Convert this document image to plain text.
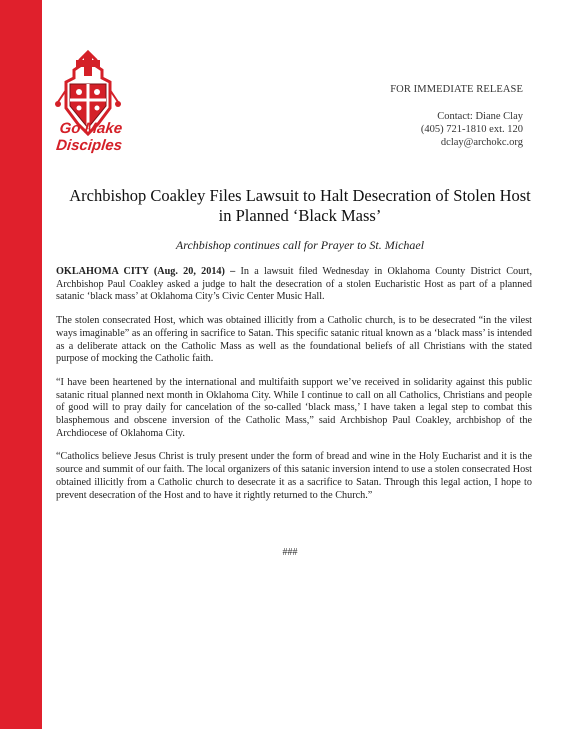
Go Make
Disciples
FOR IMMEDIATE RELEASE
Contact: Diane Clay
(405) 721-1810 ext. 120
dclay@archokc.org
Archbishop Coakley Files Lawsuit to Halt Desecration of Stolen Host
in Planned ‘Black Mass’
Archbishop continues call for Prayer to St. Michael

OKLAHOMA CITY (Aug. 20, 2014) – In a lawsuit filed Wednesday in Oklahoma County District Court, Archbishop Paul Coakley asked a judge to halt the desecration of a stolen Eucharistic Host as part of a planned satanic ‘black mass’ at Oklahoma City’s Civic Center Music Hall.

The stolen consecrated Host, which was obtained illicitly from a Catholic church, is to be desecrated “in the vilest ways imaginable” as an offering in sacrifice to Satan. This specific satanic ritual known as a ‘black mass’ is intended as a deliberate attack on the Catholic Mass as well as the foundational beliefs of all Christians with the stated purpose of mocking the Catholic faith.

“I have been heartened by the international and multifaith support we’ve received in solidarity against this public satanic ritual planned next month in Oklahoma City. While I continue to call on all Catholics, Christians and people of good will to pray daily for cancelation of the so-called ‘black mass,’ I have taken a legal step to combat this blasphemous and obscene inversion of the Catholic Mass,” said Archbishop Paul Coakley, archbishop of the Archdiocese of Oklahoma City.

“Catholics believe Jesus Christ is truly present under the form of bread and wine in the Holy Eucharist and it is the source and summit of our faith. The local organizers of this satanic inversion intend to use a stolen consecrated Host obtained illicitly from a Catholic church to desecrate it as a sacrifice to Satan. Through this legal action, I hope to prevent desecration of the Host and to have it rightly returned to the Church.”

###
